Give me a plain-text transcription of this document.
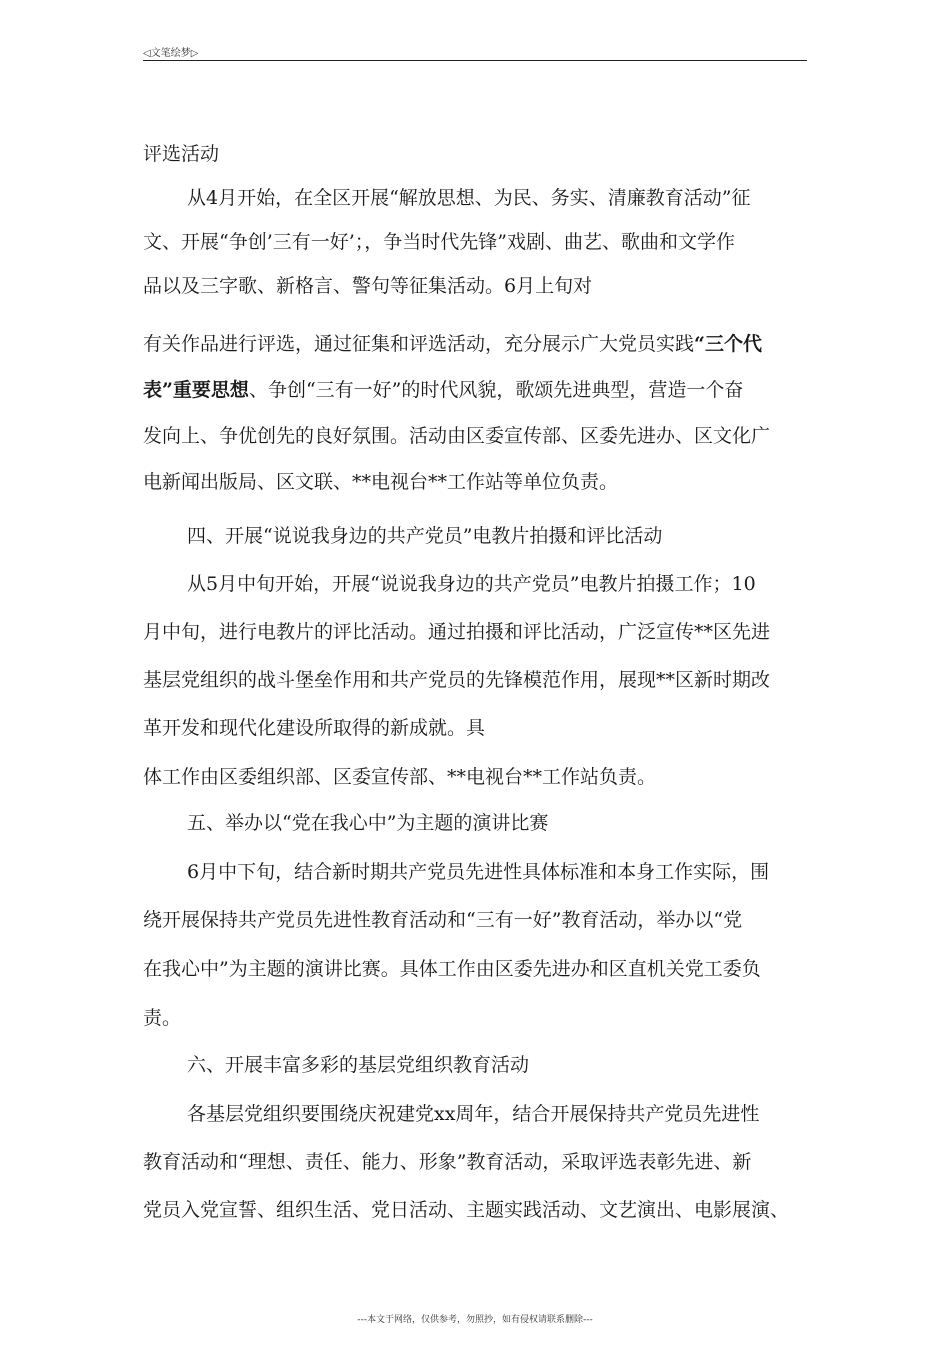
◁文笔绘梦▷
评选活动
从4月开始，在全区开展“解放思想、为民、务实、清廉教育活动”征
文、开展“争创’三有一好’；，争当时代先锋”戏剧、曲艺、歌曲和文学作
品以及三字歌、新格言、警句等征集活动。6月上旬对
有关作品进行评选，通过征集和评选活动，充分展示广大党员实践“三个代
表”重要思想、争创“三有一好”的时代风貌，歌颂先进典型，营造一个奋
发向上、争优创先的良好氛围。活动由区委宣传部、区委先进办、区文化广
电新闻出版局、区文联、**电视台**工作站等单位负责。
四、开展“说说我身边的共产党员”电教片拍摄和评比活动
从5月中旬开始，开展“说说我身边的共产党员”电教片拍摄工作；10
月中旬，进行电教片的评比活动。通过拍摄和评比活动，广泛宣传**区先进
基层党组织的战斗堡垒作用和共产党员的先锋模范作用，展现**区新时期改
革开发和现代化建设所取得的新成就。具
体工作由区委组织部、区委宣传部、**电视台**工作站负责。
五、举办以“党在我心中”为主题的演讲比赛
6月中下旬，结合新时期共产党员先进性具体标准和本身工作实际，围
绕开展保持共产党员先进性教育活动和“三有一好”教育活动，举办以“党
在我心中”为主题的演讲比赛。具体工作由区委先进办和区直机关党工委负
责。
六、开展丰富多彩的基层党组织教育活动
各基层党组织要围绕庆祝建党xx周年，结合开展保持共产党员先进性
教育活动和“理想、责任、能力、形象”教育活动，采取评选表彰先进、新
党员入党宣誓、组织生活、党日活动、主题实践活动、文艺演出、电影展演、
---本文于网络，仅供参考，勿照抄，如有侵权请联系删除---
